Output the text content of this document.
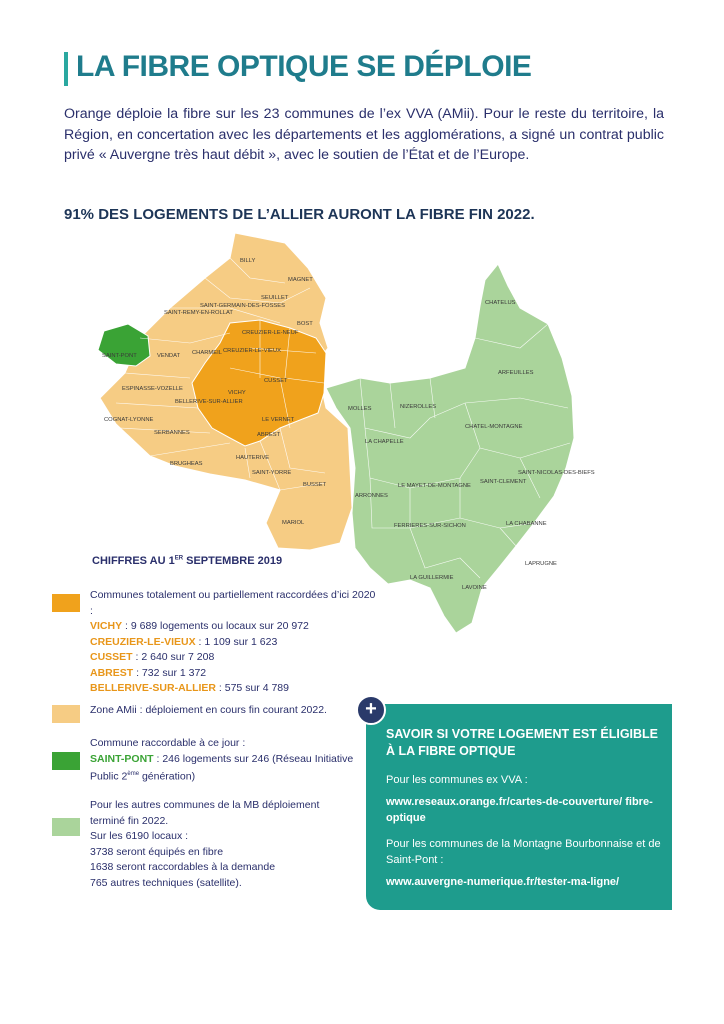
LA FIBRE OPTIQUE SE DÉPLOIE
Orange déploie la fibre sur les 23 communes de l’ex VVA (AMii). Pour le reste du territoire, la Région, en concertation avec les départements et les agglomérations, a signé un contrat public privé « Auvergne très haut débit », avec le soutien de l’État et de l’Europe.
91% DES LOGEMENTS DE L’ALLIER AURONT LA FIBRE FIN 2022.
BILLY
MAGNET
SEUILLET
SAINT-GERMAIN-DES-FOSSES
SAINT-REMY-EN-ROLLAT
BOST
CREUZIER-LE-NEUF
SAINT-PONT	VENDAT CHARMEIL CREUZIER-LE-VIEUX
CUSSET
ESPINASSE-VOZELLE
VICHY
BELLERIVE-SUR-ALLIER
COGNAT-LYONNE	LE VERNET
ABREST
SERBANNES
HAUTERIVE
BRUGHEAS
SAINT-YORRE
BUSSET
MARIOL
CHATELUS
ARFEUILLES
MOLLES	NIZEROLLES
CHATEL-MONTAGNE
LA CHAPELLE
SAINT-NICOLAS-DES-BIEFS
LE MAYET-DE-MONTAGNE
SAINT-CLEMENT
ARRONNES
FERRIERES-SUR-SICHON	LA CHABANNE
LAPRUGNE
LA GUILLERMIE
LAVOINE
CHIFFRES AU 1ER SEPTEMBRE 2019
Communes totalement ou partiellement raccordées d’ici 2020 :
VICHY : 9 689 logements ou locaux sur 20 972
CREUZIER-LE-VIEUX : 1 109 sur 1 623
CUSSET : 2 640 sur 7 208
ABREST : 732 sur 1 372
BELLERIVE-SUR-ALLIER : 575 sur 4 789
Zone AMii : déploiement en cours fin courant 2022.
Commune raccordable à ce jour :
SAINT-PONT : 246 logements sur 246 (Réseau Initiative Public 2ème génération)
Pour les autres communes de la MB déploiement
terminé fin 2022.
Sur les 6190 locaux :
3738 seront équipés en fibre
1638 seront raccordables à la demande
765 autres techniques (satellite).
SAVOIR SI VOTRE LOGEMENT EST ÉLIGIBLE À LA FIBRE OPTIQUE
Pour les communes ex VVA :
www.reseaux.orange.fr/cartes-de-couverture/ fibre-optique
Pour les communes de la Montagne Bourbonnaise et de Saint-Pont :
www.auvergne-numerique.fr/tester-ma-ligne/
+
